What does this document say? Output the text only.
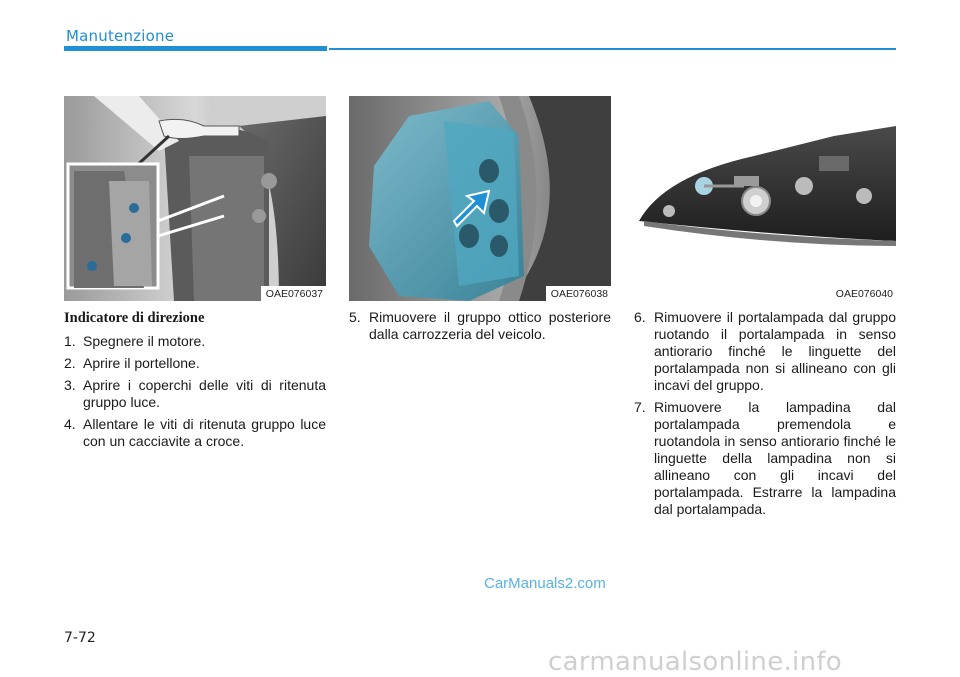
Manutenzione
OAE076037	OAE076038	OAE076040
Indicatore di direzione
1. Spegnere il motore.
2. Aprire il portellone.
3. Aprire i coperchi delle viti di ritenuta gruppo luce.
4. Allentare le viti di ritenuta gruppo luce con un cacciavite a croce.
5. Rimuovere il gruppo ottico posteriore dalla carrozzeria del veicolo.
6. Rimuovere il portalampada dal gruppo ruotando il portalampada in senso antiorario finché le linguette del portalampada non si allineano con gli incavi del gruppo.
7. Rimuovere la lampadina dal portalampada premendola e ruotandola in senso antiorario finché le linguette della lampadina non si allineano con gli incavi del portalampada. Estrarre la lampadina dal portalampada.
CarManuals2.com
7-72
carmanualsonline.info
